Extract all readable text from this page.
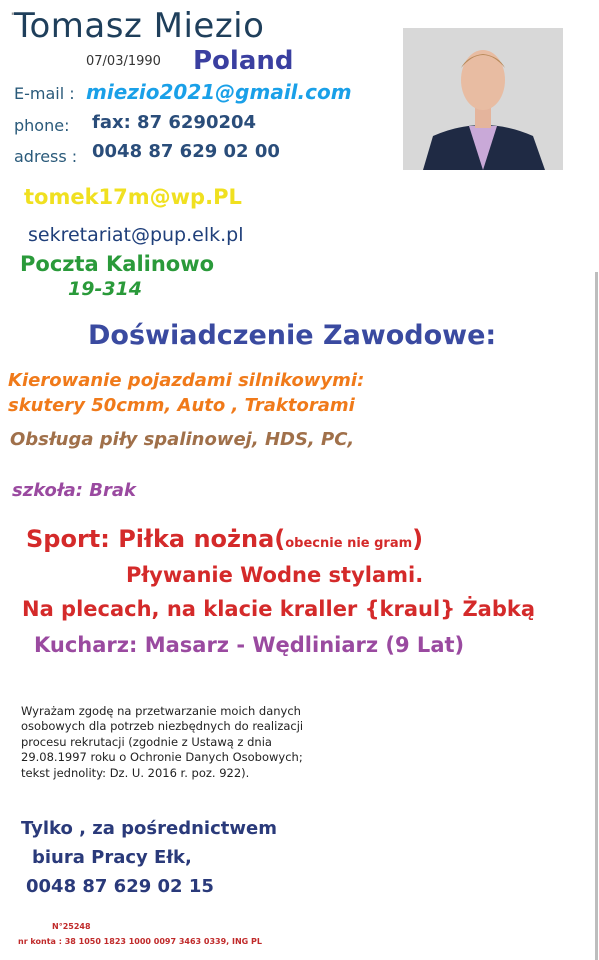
"
Tomasz Miezio
07/03/1990 Poland
E-mail : miezio2021@gmail.com
phone: fax: 87 6290204
adress : 0048 87 629 02 00
tomek17m@wp.PL
sekretariat@pup.elk.pl
Poczta Kalinowo
19-314
Doświadczenie Zawodowe:
Kierowanie pojazdami silnikowymi:
skutery 50cmm, Auto , Traktorami
Obsługa piły spalinowej, HDS, PC,
szkoła: Brak
Sport: Piłka nożna(obecnie nie gram)
Pływanie Wodne stylami.
Na plecach, na klacie kraller {kraul} Żabką
Kucharz: Masarz - Wędliniarz (9 Lat)
Wyrażam zgodę na przetwarzanie moich danych osobowych dla potrzeb niezbędnych do realizacji procesu rekrutacji (zgodnie z Ustawą z dnia 29.08.1997 roku o Ochronie Danych Osobowych; tekst jednolity: Dz. U. 2016 r. poz. 922).
Tylko , za pośrednictwem
biura Pracy Ełk,
0048 87 629 02 15
N°25248
nr konta : 38 1050 1823 1000 0097 3463 0339, ING PL
